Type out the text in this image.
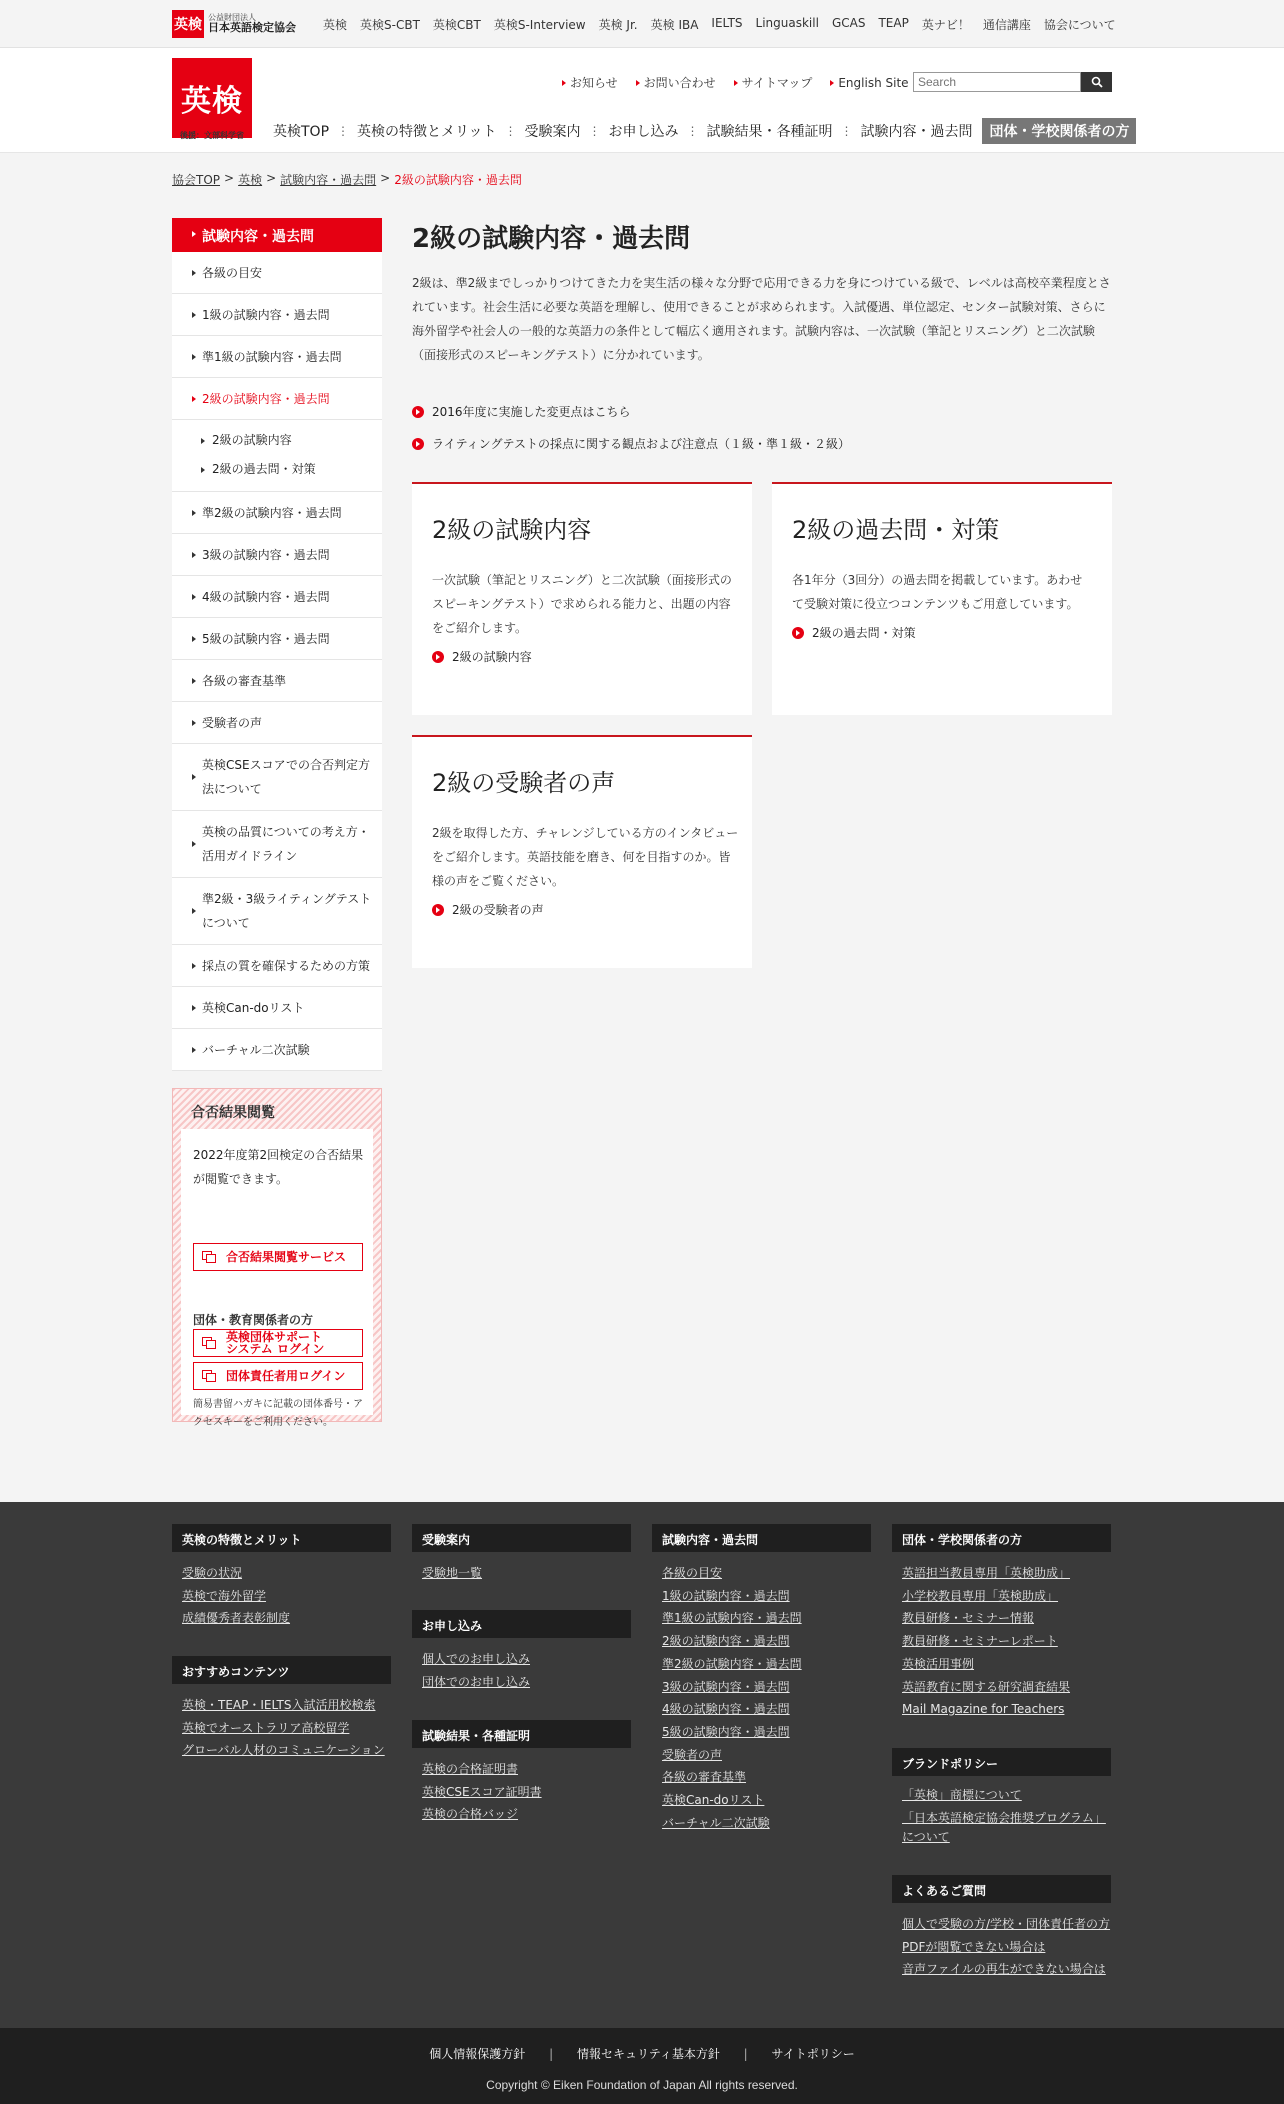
英検 公益財団法人
日本英語検定協会 英検 英検S-CBT 英検CBT 英検S-Interview 英検 Jr. 英検 IBA IELTS Linguaskill GCAS TEAP 英ナビ！ 通信講座 協会について
英検
後援：文部科学省
お知らせ お問い合わせ サイトマップ English Site
Search
英検TOP ⋮ 英検の特徴とメリット ⋮ 受験案内 ⋮ お申し込み ⋮ 試験結果・各種証明 ⋮ 試験内容・過去問	団体・学校関係者の方
協会TOP > 英検 > 試験内容・過去問 > 2級の試験内容・過去問
試験内容・過去問
各級の目安
1級の試験内容・過去問
準1級の試験内容・過去問
2級の試験内容・過去問
2級の試験内容
2級の過去問・対策
準2級の試験内容・過去問
3級の試験内容・過去問
4級の試験内容・過去問
5級の試験内容・過去問
各級の審査基準
受験者の声
英検CSEスコアでの合否判定方法について
英検の品質についての考え方・活用ガイドライン
準2級・3級ライティングテストについて
採点の質を確保するための方策
英検Can-doリスト
バーチャル二次試験
合否結果閲覧
2022年度第2回検定の合否結果が閲覧できます。
合否結果閲覧サービス
団体・教育関係者の方
英検団体サポート
システム ログイン
団体責任者用ログイン
簡易書留ハガキに記載の団体番号・アクセスキーをご利用ください。
2級の試験内容・過去問
2級は、準2級までしっかりつけてきた力を実生活の様々な分野で応用できる力を身につけている級で、レベルは高校卒業程度とされています。社会生活に必要な英語を理解し、使用できることが求められます。入試優遇、単位認定、センター試験対策、さらに海外留学や社会人の一般的な英語力の条件として幅広く適用されます。試験内容は、一次試験（筆記とリスニング）と二次試験（面接形式のスピーキングテスト）に分かれています。
2016年度に実施した変更点はこちら
ライティングテストの採点に関する観点および注意点（１級・準１級・２級）
2級の試験内容
一次試験（筆記とリスニング）と二次試験（面接形式のスピーキングテスト）で求められる能力と、出題の内容をご紹介します。
2級の試験内容
2級の過去問・対策
各1年分（3回分）の過去問を掲載しています。あわせて受験対策に役立つコンテンツもご用意しています。
2級の過去問・対策
2級の受験者の声
2級を取得した方、チャレンジしている方のインタビューをご紹介します。英語技能を磨き、何を目指すのか。皆様の声をご覧ください。
2級の受験者の声
英検の特徴とメリット
受験の状況
英検で海外留学
成績優秀者表彰制度
おすすめコンテンツ
英検・TEAP・IELTS入試活用校検索
英検でオーストラリア高校留学
グローバル人材のコミュニケーション
受験案内
受験地一覧
お申し込み
個人でのお申し込み
団体でのお申し込み
試験結果・各種証明
英検の合格証明書
英検CSEスコア証明書
英検の合格バッジ
試験内容・過去問
各級の目安
1級の試験内容・過去問
準1級の試験内容・過去問
2級の試験内容・過去問
準2級の試験内容・過去問
3級の試験内容・過去問
4級の試験内容・過去問
5級の試験内容・過去問
受験者の声
各級の審査基準
英検Can-doリスト
バーチャル二次試験
団体・学校関係者の方
英語担当教員専用「英検助成」
小学校教員専用「英検助成」
教員研修・セミナー情報
教員研修・セミナーレポート
英検活用事例
英語教育に関する研究調査結果
Mail Magazine for Teachers
ブランドポリシー
「英検」商標について
「日本英語検定協会推奨プログラム」
について
よくあるご質問
個人で受験の方/学校・団体責任者の方
PDFが閲覧できない場合は
音声ファイルの再生ができない場合は
個人情報保護方針 | 情報セキュリティ基本方針 | サイトポリシー
Copyright © Eiken Foundation of Japan All rights reserved.
